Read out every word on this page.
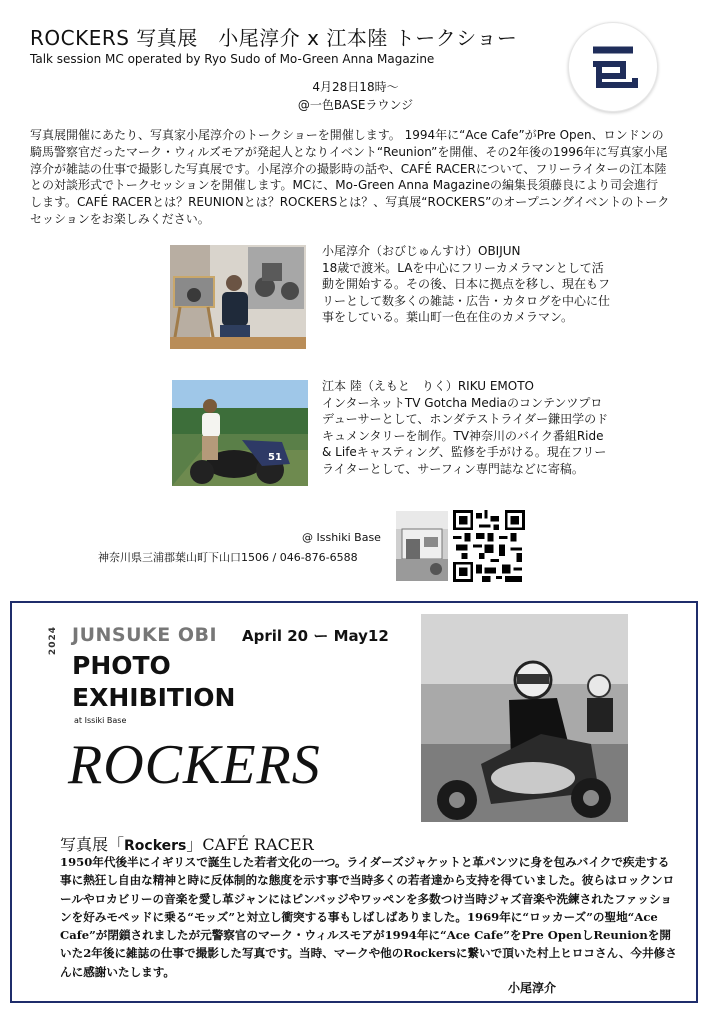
ROCKERS 写真展　小尾淳介 x 江本陸 トークショー
Talk session MC operated by Ryo Sudo of Mo-Green Anna Magazine
4月28日18時〜
@一色BASEラウンジ
写真展開催にあたり、写真家小尾淳介のトークショーを開催します。 1994年に“Ace Cafe”がPre Open、ロンドンの騎馬警察官だったマーク・ウィルズモアが発起人となりイベント“Reunion”を開催、その2年後の1996年に写真家小尾淳介が雑誌の仕事で撮影した写真展です。小尾淳介の撮影時の話や、CAFÉ RACERについて、フリーライターの江本陸との対談形式でトークセッションを開催します。MCに、Mo-Green Anna Magazineの編集長須藤良により司会進行します。CAFÉ RACERとは？REUNIONとは？ROCKERSとは？、写真展“ROCKERS”のオープニングイベントのトークセッションをお楽しみください。
小尾淳介（おびじゅんすけ）OBIJUN
18歳で渡米。LAを中心にフリーカメラマンとして活動を開始する。その後、日本に拠点を移し、現在もフリーとして数多くの雑誌・広告・カタログを中心に仕事をしている。葉山町一色在住のカメラマン。
51
江本 陸（えもと　りく）RIKU EMOTO
インターネットTV Gotcha Mediaのコンテンツプロデューサーとして、ホンダテストライダー鎌田学のドキュメンタリーを制作。TV神奈川のバイク番組Ride & Lifeキャスティング、監修を手がける。現在フリーライターとして、サーフィン専門誌などに寄稿。
@ Isshiki Base
神奈川県三浦郡葉山町下山口1506 / 046-876-6588
2024 JUNSUKE OBI April 20 ー May12
PHOTO
EXHIBITION
at Issiki Base
ROCKERS
写真展「Rockers」CAFÉ RACER
1950年代後半にイギリスで誕生した若者文化の一つ。ライダーズジャケットと革パンツに身を包みバイクで疾走する事に熱狂し自由な精神と時に反体制的な態度を示す事で当時多くの若者達から支持を得ていました。彼らはロックンロールやロカビリーの音楽を愛し革ジャンにはピンバッジやワッペンを多数つけ当時ジャズ音楽や洗練されたファッションを好みモペッドに乗る“モッズ”と対立し衝突する事もしばしばありました。1969年に“ロッカーズ”の聖地“Ace Cafe”が閉鎖されましたが元警察官のマーク・ウィルスモアが1994年に“Ace Cafe”をPre OpenしReunionを開いた2年後に雑誌の仕事で撮影した写真です。当時、マークや他のRockersに繋いで頂いた村上ヒロコさん、今井修さんに感謝いたします。
小尾淳介
